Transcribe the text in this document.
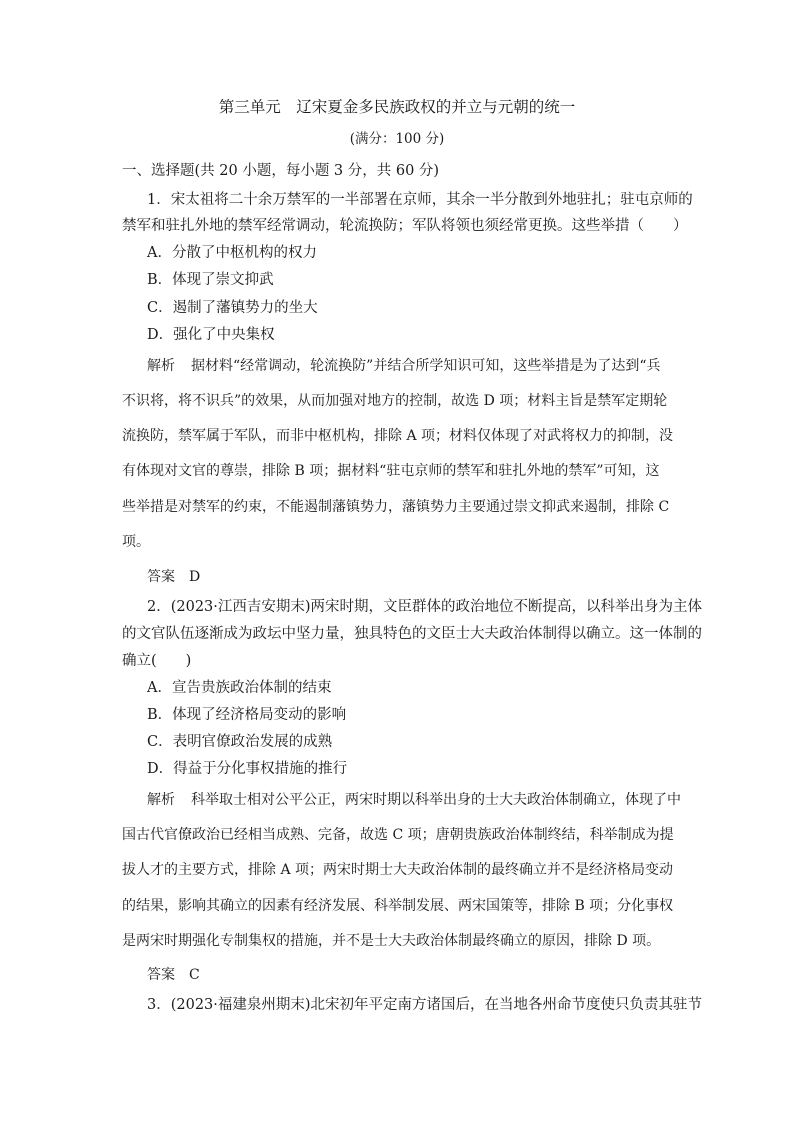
第三单元　辽宋夏金多民族政权的并立与元朝的统一
(满分：100 分)
一、选择题(共 20 小题，每小题 3 分，共 60 分)
1．宋太祖将二十余万禁军的一半部署在京师，其余一半分散到外地驻扎；驻屯京师的
禁军和驻扎外地的禁军经常调动，轮流换防；军队将领也须经常更换。这些举措（　　）
A．分散了中枢机构的权力
B．体现了崇文抑武
C．遏制了藩镇势力的坐大
D．强化了中央集权
解析 据材料“经常调动，轮流换防”并结合所学知识可知，这些举措是为了达到“兵
不识将，将不识兵”的效果，从而加强对地方的控制，故选 D 项；材料主旨是禁军定期轮
流换防，禁军属于军队，而非中枢机构，排除 A 项；材料仅体现了对武将权力的抑制，没
有体现对文官的尊崇，排除 B 项；据材料“驻屯京师的禁军和驻扎外地的禁军”可知，这
些举措是对禁军的约束，不能遏制藩镇势力，藩镇势力主要通过崇文抑武来遏制，排除 C
项。
答案 D
2．(2023·江西吉安期末)两宋时期，文臣群体的政治地位不断提高，以科举出身为主体
的文官队伍逐渐成为政坛中坚力量，独具特色的文臣士大夫政治体制得以确立。这一体制的
确立(　　)
A．宣告贵族政治体制的结束
B．体现了经济格局变动的影响
C．表明官僚政治发展的成熟
D．得益于分化事权措施的推行
解析 科举取士相对公平公正，两宋时期以科举出身的士大夫政治体制确立，体现了中
国古代官僚政治已经相当成熟、完备，故选 C 项；唐朝贵族政治体制终结，科举制成为提
拔人才的主要方式，排除 A 项；两宋时期士大夫政治体制的最终确立并不是经济格局变动
的结果，影响其确立的因素有经济发展、科举制发展、两宋国策等，排除 B 项；分化事权
是两宋时期强化专制集权的措施，并不是士大夫政治体制最终确立的原因，排除 D 项。
答案 C
3．(2023·福建泉州期末)北宋初年平定南方诸国后，在当地各州命节度使只负责其驻节
